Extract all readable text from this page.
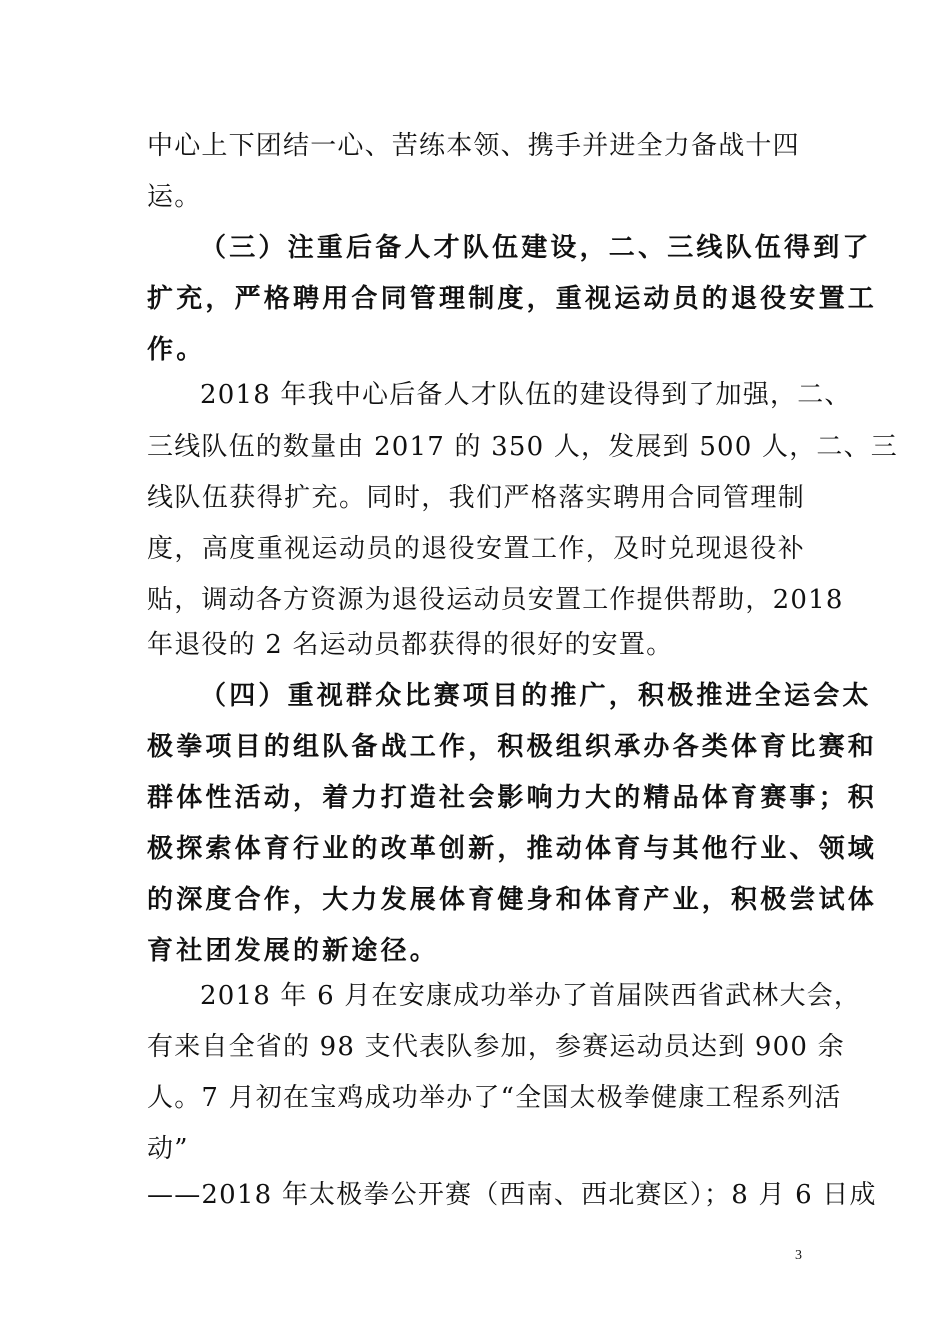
中心上下团结一心、苦练本领、携手并进全力备战十四
运。
（三）注重后备人才队伍建设，二、三线队伍得到了
扩充，严格聘用合同管理制度，重视运动员的退役安置工
作。
2018 年我中心后备人才队伍的建设得到了加强，二、
三线队伍的数量由 2017 的 350 人，发展到 500 人，二、三
线队伍获得扩充。同时，我们严格落实聘用合同管理制
度，高度重视运动员的退役安置工作，及时兑现退役补
贴，调动各方资源为退役运动员安置工作提供帮助，2018
年退役的 2 名运动员都获得的很好的安置。
（四）重视群众比赛项目的推广，积极推进全运会太
极拳项目的组队备战工作，积极组织承办各类体育比赛和
群体性活动，着力打造社会影响力大的精品体育赛事；积
极探索体育行业的改革创新，推动体育与其他行业、领域
的深度合作，大力发展体育健身和体育产业，积极尝试体
育社团发展的新途径。
2018 年 6 月在安康成功举办了首届陕西省武林大会，
有来自全省的 98 支代表队参加，参赛运动员达到 900 余
人。7 月初在宝鸡成功举办了“全国太极拳健康工程系列活
动”
——2018 年太极拳公开赛（西南、西北赛区）；8 月 6 日成
3
